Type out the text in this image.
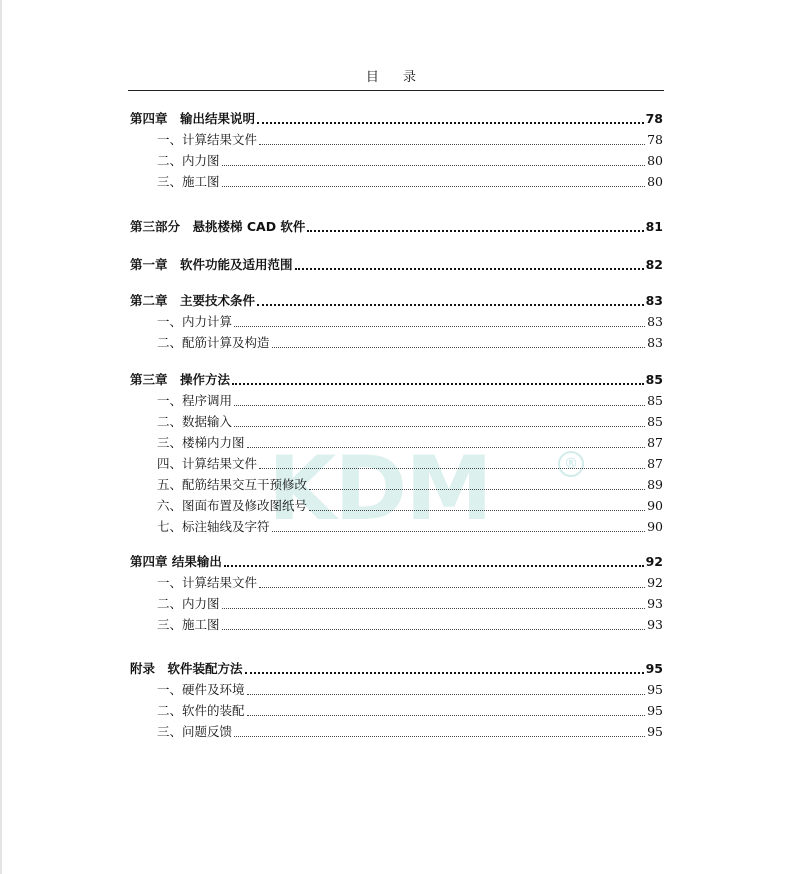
目 录
KDM	®
第四章　输出结果说明	78
一、计算结果文件	78
二、内力图	80
三、施工图	80
第三部分　悬挑楼梯 CAD 软件	81
第一章　软件功能及适用范围	82
第二章　主要技术条件	83
一、内力计算	83
二、配筋计算及构造	83
第三章　操作方法	85
一、程序调用	85
二、数据输入	85
三、楼梯内力图	87
四、计算结果文件	87
五、配筋结果交互干预修改	89
六、图面布置及修改图纸号	90
七、标注轴线及字符	90
第四章 结果输出	92
一、计算结果文件	92
二、内力图	93
三、施工图	93
附录　软件装配方法	95
一、硬件及环境	95
二、软件的装配	95
三、问题反馈	95
